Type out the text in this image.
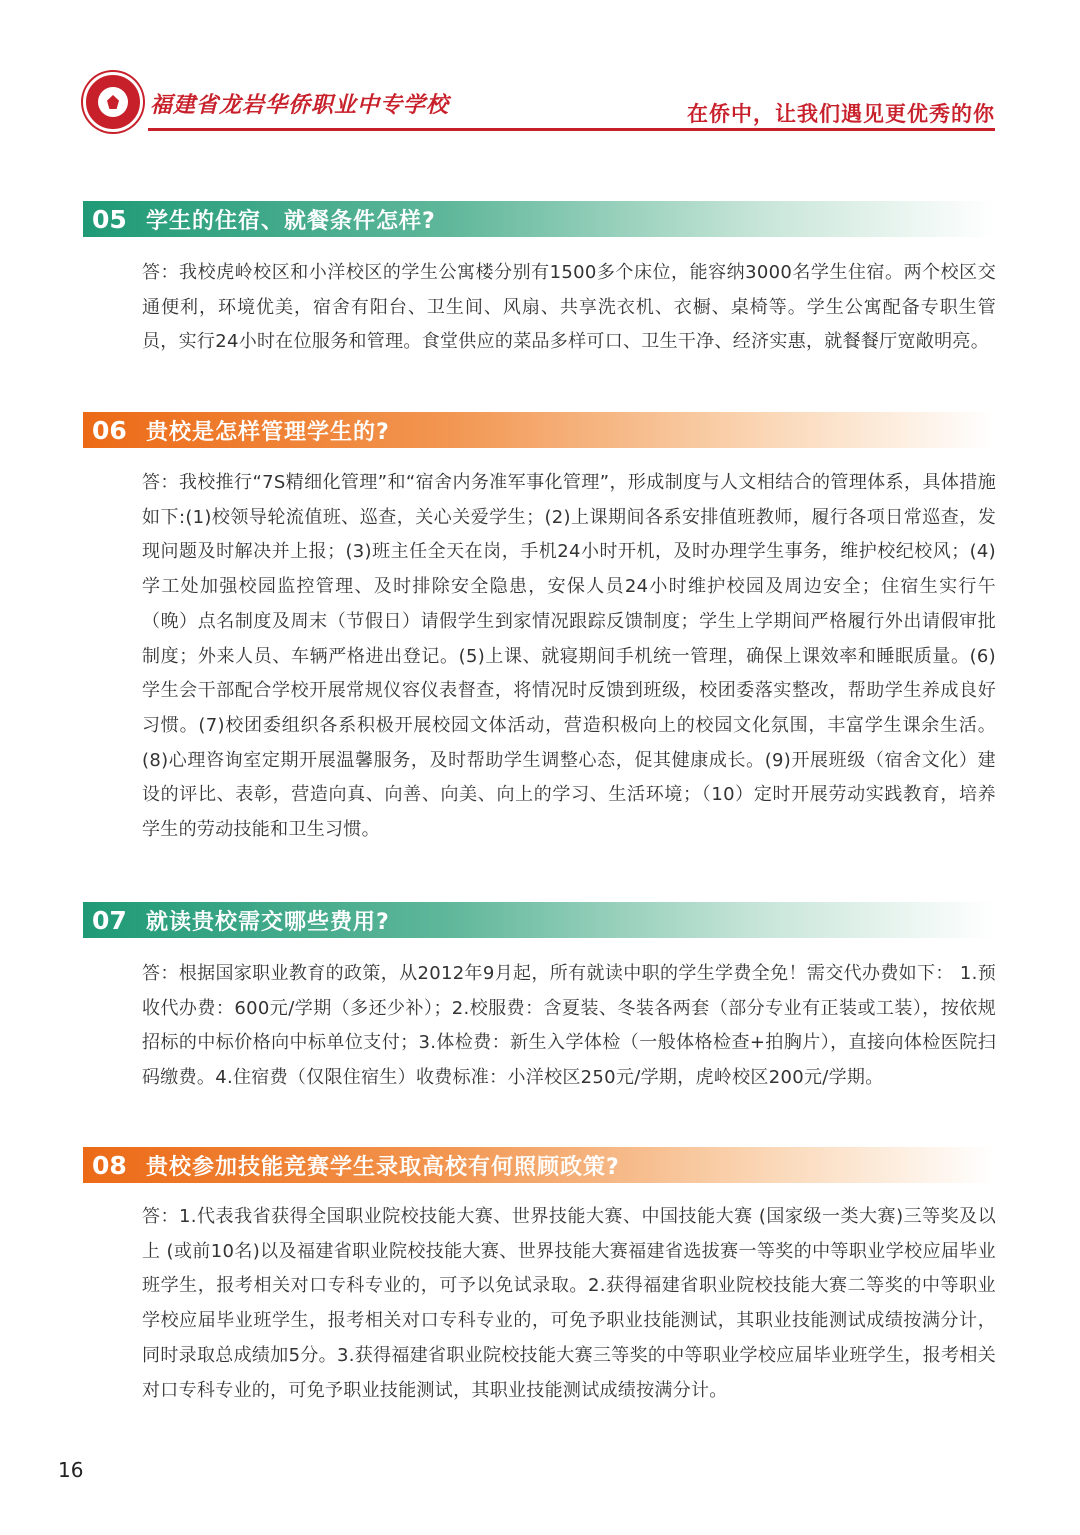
福建省龙岩华侨职业中专学校	在侨中，让我们遇见更优秀的你
05 学生的住宿、就餐条件怎样?

答：我校虎岭校区和小洋校区的学生公寓楼分别有1500多个床位，能容纳3000名学生住宿。两个校区交通便利，环境优美，宿舍有阳台、卫生间、风扇、共享洗衣机、衣橱、桌椅等。学生公寓配备专职生管员，实行24小时在位服务和管理。食堂供应的菜品多样可口、卫生干净、经济实惠，就餐餐厅宽敞明亮。

06 贵校是怎样管理学生的?

答：我校推行“7S精细化管理”和“宿舍内务准军事化管理”，形成制度与人文相结合的管理体系，具体措施如下:(1)校领导轮流值班、巡查，关心关爱学生；(2)上课期间各系安排值班教师，履行各项日常巡查，发现问题及时解决并上报；(3)班主任全天在岗，手机24小时开机，及时办理学生事务，维护校纪校风；(4)学工处加强校园监控管理、及时排除安全隐患，安保人员24小时维护校园及周边安全；住宿生实行午（晚）点名制度及周末（节假日）请假学生到家情况跟踪反馈制度；学生上学期间严格履行外出请假审批制度；外来人员、车辆严格进出登记。(5)上课、就寝期间手机统一管理，确保上课效率和睡眠质量。(6)学生会干部配合学校开展常规仪容仪表督查，将情况时反馈到班级，校团委落实整改，帮助学生养成良好习惯。(7)校团委组织各系积极开展校园文体活动，营造积极向上的校园文化氛围，丰富学生课余生活。(8)心理咨询室定期开展温馨服务，及时帮助学生调整心态，促其健康成长。(9)开展班级（宿舍文化）建设的评比、表彰，营造向真、向善、向美、向上的学习、生活环境；（10）定时开展劳动实践教育，培养学生的劳动技能和卫生习惯。

07 就读贵校需交哪些费用?

答：根据国家职业教育的政策，从2012年9月起，所有就读中职的学生学费全免！需交代办费如下： 1.预收代办费：600元/学期（多还少补）；2.校服费：含夏装、冬装各两套（部分专业有正装或工装），按依规招标的中标价格向中标单位支付；3.体检费：新生入学体检（一般体格检查+拍胸片），直接向体检医院扫码缴费。4.住宿费（仅限住宿生）收费标准：小洋校区250元/学期，虎岭校区200元/学期。

08 贵校参加技能竞赛学生录取高校有何照顾政策?

答：1.代表我省获得全国职业院校技能大赛、世界技能大赛、中国技能大赛 (国家级一类大赛)三等奖及以上 (或前10名)以及福建省职业院校技能大赛、世界技能大赛福建省选拔赛一等奖的中等职业学校应届毕业班学生，报考相关对口专科专业的，可予以免试录取。2.获得福建省职业院校技能大赛二等奖的中等职业学校应届毕业班学生，报考相关对口专科专业的，可免予职业技能测试，其职业技能测试成绩按满分计，同时录取总成绩加5分。3.获得福建省职业院校技能大赛三等奖的中等职业学校应届毕业班学生，报考相关对口专科专业的，可免予职业技能测试，其职业技能测试成绩按满分计。

16
